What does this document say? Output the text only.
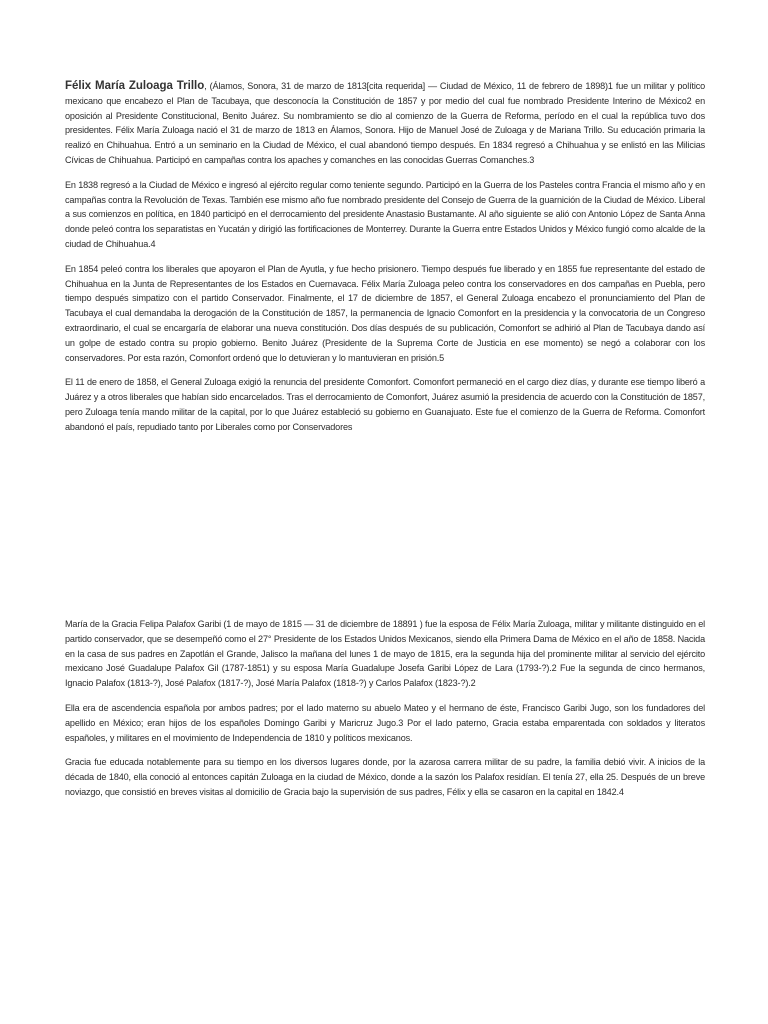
Félix María Zuloaga Trillo, (Álamos, Sonora, 31 de marzo de 1813[cita requerida] — Ciudad de México, 11 de febrero de 1898)1 fue un militar y político mexicano que encabezo el Plan de Tacubaya, que desconocía la Constitución de 1857 y por medio del cual fue nombrado Presidente Interino de México2 en oposición al Presidente Constitucional, Benito Juárez. Su nombramiento se dio al comienzo de la Guerra de Reforma, período en el cual la república tuvo dos presidentes. Félix María Zuloaga nació el 31 de marzo de 1813 en Álamos, Sonora. Hijo de Manuel José de Zuloaga y de Mariana Trillo. Su educación primaria la realizó en Chihuahua. Entró a un seminario en la Ciudad de México, el cual abandonó tiempo después. En 1834 regresó a Chihuahua y se enlistó en las Milicias Cívicas de Chihuahua. Participó en campañas contra los apaches y comanches en las conocidas Guerras Comanches.3

En 1838 regresó a la Ciudad de México e ingresó al ejército regular como teniente segundo. Participó en la Guerra de los Pasteles contra Francia el mismo año y en campañas contra la Revolución de Texas. También ese mismo año fue nombrado presidente del Consejo de Guerra de la guarnición de la Ciudad de México. Liberal a sus comienzos en política, en 1840 participó en el derrocamiento del presidente Anastasio Bustamante. Al año siguiente se alió con Antonio López de Santa Anna donde peleó contra los separatistas en Yucatán y dirigió las fortificaciones de Monterrey. Durante la Guerra entre Estados Unidos y México fungió como alcalde de la ciudad de Chihuahua.4

En 1854 peleó contra los liberales que apoyaron el Plan de Ayutla, y fue hecho prisionero. Tiempo después fue liberado y en 1855 fue representante del estado de Chihuahua en la Junta de Representantes de los Estados en Cuernavaca. Félix María Zuloaga peleo contra los conservadores en dos campañas en Puebla, pero tiempo después simpatizo con el partido Conservador. Finalmente, el 17 de diciembre de 1857, el General Zuloaga encabezo el pronunciamiento del Plan de Tacubaya el cual demandaba la derogación de la Constitución de 1857, la permanencia de Ignacio Comonfort en la presidencia y la convocatoria de un Congreso extraordinario, el cual se encargaría de elaborar una nueva constitución. Dos días después de su publicación, Comonfort se adhirió al Plan de Tacubaya dando así un golpe de estado contra su propio gobierno. Benito Juárez (Presidente de la Suprema Corte de Justicia en ese momento) se negó a colaborar con los conservadores. Por esta razón, Comonfort ordenó que lo detuvieran y lo mantuvieran en prisión.5

El 11 de enero de 1858, el General Zuloaga exigió la renuncia del presidente Comonfort. Comonfort permaneció en el cargo diez días, y durante ese tiempo liberó a Juárez y a otros liberales que habían sido encarcelados. Tras el derrocamiento de Comonfort, Juárez asumió la presidencia de acuerdo con la Constitución de 1857, pero Zuloaga tenía mando militar de la capital, por lo que Juárez estableció su gobierno en Guanajuato. Este fue el comienzo de la Guerra de Reforma. Comonfort abandonó el país, repudiado tanto por Liberales como por Conservadores

María de la Gracia Felipa Palafox Garibi (1 de mayo de 1815 — 31 de diciembre de 18891 ) fue la esposa de Félix María Zuloaga, militar y militante distinguido en el partido conservador, que se desempeñó como el 27° Presidente de los Estados Unidos Mexicanos, siendo ella Primera Dama de México en el año de 1858. Nacida en la casa de sus padres en Zapotlán el Grande, Jalisco la mañana del lunes 1 de mayo de 1815, era la segunda hija del prominente militar al servicio del ejército mexicano José Guadalupe Palafox Gil (1787-1851) y su esposa María Guadalupe Josefa Garibi López de Lara (1793-?).2 Fue la segunda de cinco hermanos, Ignacio Palafox (1813-?), José Palafox (1817-?), José María Palafox (1818-?) y Carlos Palafox (1823-?).2

Ella era de ascendencia española por ambos padres; por el lado materno su abuelo Mateo y el hermano de éste, Francisco Garibi Jugo, son los fundadores del apellido en México; eran hijos de los españoles Domingo Garibi y Maricruz Jugo.3 Por el lado paterno, Gracia estaba emparentada con soldados y literatos españoles, y militares en el movimiento de Independencia de 1810 y políticos mexicanos.

Gracia fue educada notablemente para su tiempo en los diversos lugares donde, por la azarosa carrera militar de su padre, la familia debió vivir. A inicios de la década de 1840, ella conoció al entonces capitán Zuloaga en la ciudad de México, donde a la sazón los Palafox residían. El tenía 27, ella 25. Después de un breve noviazgo, que consistió en breves visitas al domicilio de Gracia bajo la supervisión de sus padres, Félix y ella se casaron en la capital en 1842.4
